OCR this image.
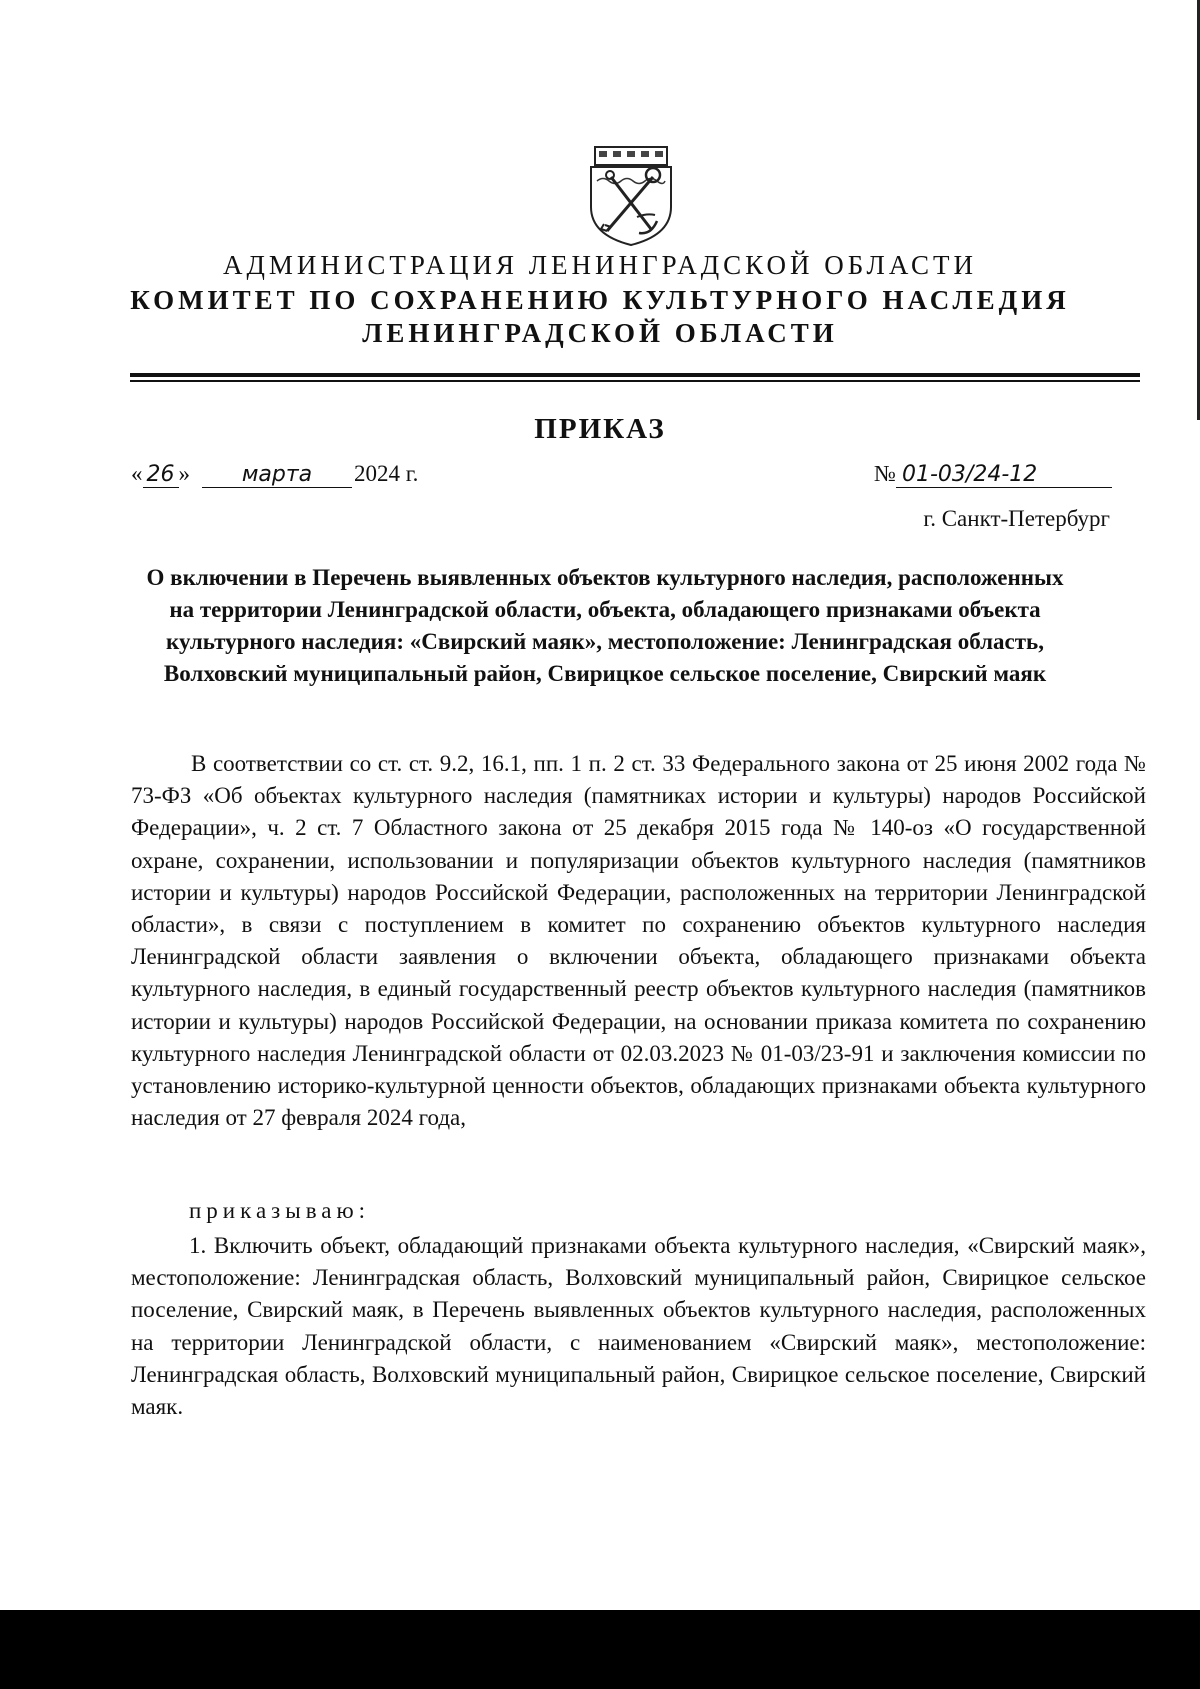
АДМИНИСТРАЦИЯ ЛЕНИНГРАДСКОЙ ОБЛАСТИ
КОМИТЕТ ПО СОХРАНЕНИЮ КУЛЬТУРНОГО НАСЛЕДИЯ
ЛЕНИНГРАДСКОЙ ОБЛАСТИ
ПРИКАЗ
« 26 » марта 2024 г.	№ 01-03/24-12
г. Санкт-Петербург
О включении в Перечень выявленных объектов культурного наследия, расположенных на территории Ленинградской области, объекта, обладающего признаками объекта культурного наследия: «Свирский маяк», местоположение: Ленинградская область, Волховский муниципальный район, Свирицкое сельское поселение, Свирский маяк
В соответствии со ст. ст. 9.2, 16.1, пп. 1 п. 2 ст. 33 Федерального закона от 25 июня 2002 года № 73-ФЗ «Об объектах культурного наследия (памятниках истории и культуры) народов Российской Федерации», ч. 2 ст. 7 Областного закона от 25 декабря 2015 года № 140-оз «О государственной охране, сохранении, использовании и популяризации объектов культурного наследия (памятников истории и культуры) народов Российской Федерации, расположенных на территории Ленинградской области», в связи с поступлением в комитет по сохранению объектов культурного наследия Ленинградской области заявления о включении объекта, обладающего признаками объекта культурного наследия, в единый государственный реестр объектов культурного наследия (памятников истории и культуры) народов Российской Федерации, на основании приказа комитета по сохранению культурного наследия Ленинградской области от 02.03.2023 № 01-03/23-91 и заключения комиссии по установлению историко-культурной ценности объектов, обладающих признаками объекта культурного наследия от 27 февраля 2024 года,
приказываю:
1. Включить объект, обладающий признаками объекта культурного наследия, «Свирский маяк», местоположение: Ленинградская область, Волховский муниципальный район, Свирицкое сельское поселение, Свирский маяк, в Перечень выявленных объектов культурного наследия, расположенных на территории Ленинградской области, с наименованием «Свирский маяк», местоположение: Ленинградская область, Волховский муниципальный район, Свирицкое сельское поселение, Свирский маяк.
